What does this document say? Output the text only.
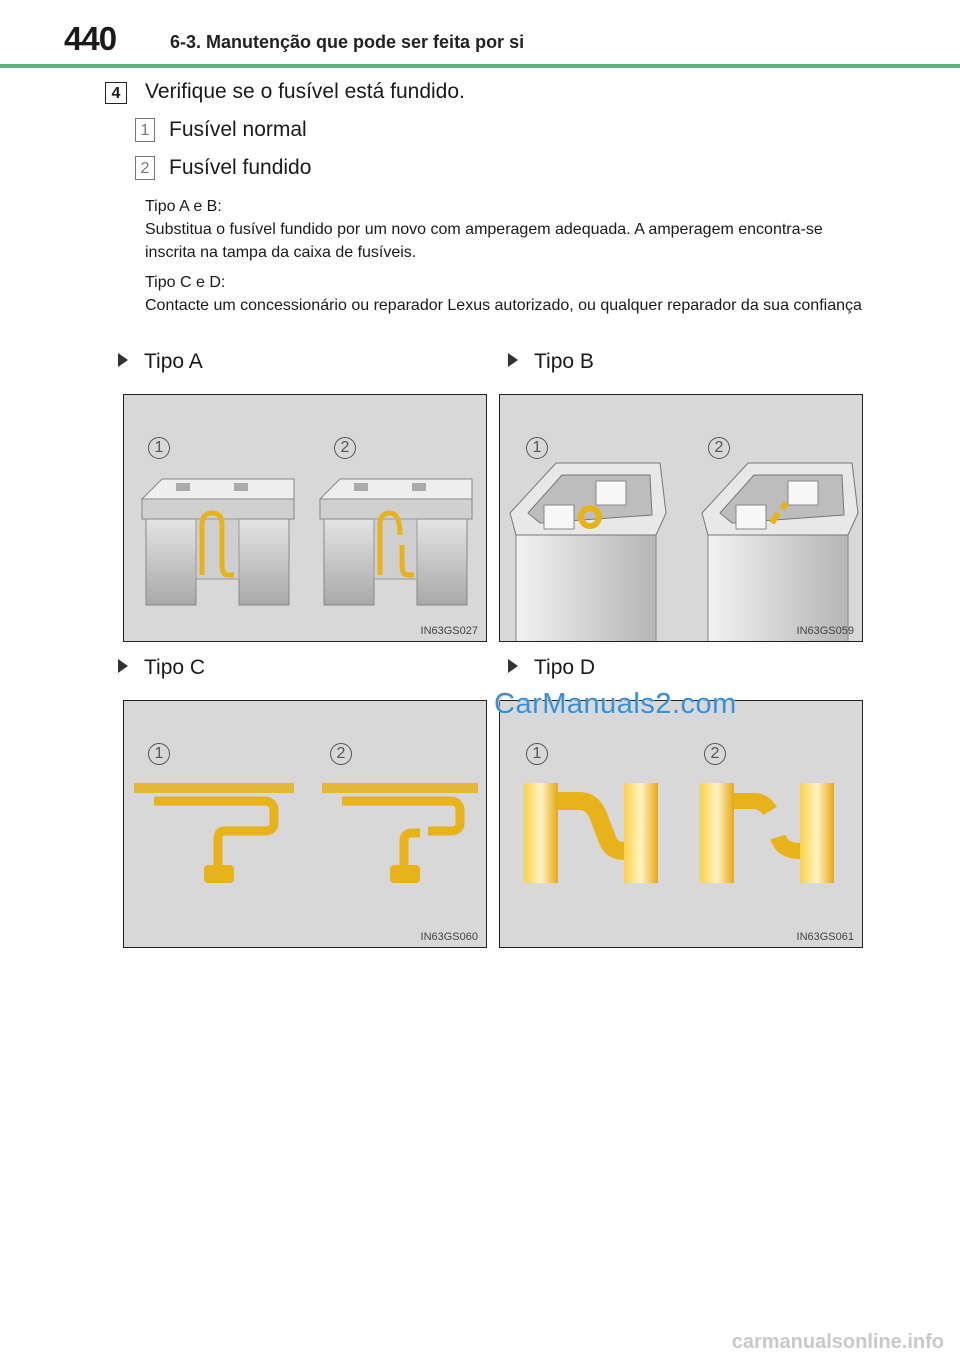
440	6-3. Manutenção que pode ser feita por si
4	Verifique se o fusível está fundido.
1 Fusível normal
2 Fusível fundido
Tipo A e B:
Substitua o fusível fundido por um novo com amperagem adequada. A amperagem encontra-se inscrita na tampa da caixa de fusíveis.
Tipo C e D:
Contacte um concessionário ou reparador Lexus autorizado, ou qualquer reparador da sua confiança
Tipo A	Tipo B
Tipo C	Tipo D
1	2
IN63GS027
1	2
IN63GS059
1	2
IN63GS060
1	2
IN63GS061
CarManuals2.com
carmanualsonline.info
